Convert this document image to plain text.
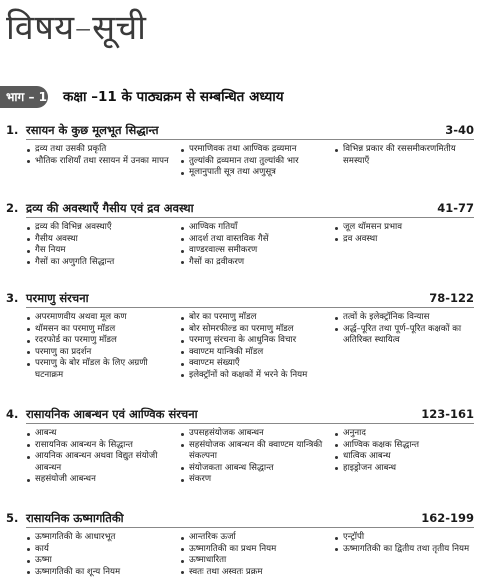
विषय–सूची
भाग – 1 कक्षा –11 के पाठ्यक्रम से सम्बन्धित अध्याय
1. रसायन के कुछ मूलभूत सिद्धान्त	3-40
द्रव्य तथा उसकी प्रकृति
भौतिक राशियाँ तथा रसायन में उनका मापन
परमाणिवक तथा आण्विक द्रव्यमान
तुल्यांकी द्रव्यमान तथा तुल्यांकी भार
मूलानुपाती सूत्र तथा अणुसूत्र
विभिन्न प्रकार की रससमीकरणमितीय समस्याएँ
2. द्रव्य की अवस्थाएँ गैसीय एवं द्रव अवस्था	41-77
द्रव्य की विभिन्न अवस्थाएँ
गैसीय अवस्था
गैस नियम
गैसों का अणुगति सिद्धान्त
आण्विक गतियाँ
आदर्श तथा वास्तविक गैसें
वाण्डरवाल्स समीकरण
गैसों का द्रवीकरण
जूल थॉमसन प्रभाव
द्रव अवस्था
3. परमाणु संरचना	78-122
अपरमाणवीय अथवा मूल कण
थॉमसन का परमाणु मॉडल
रदरफोर्ड का परमाणु मॉडल
परमाणु का प्रदर्शन
परमाणु के बोर मॉडल के लिए अग्रणी घटनाक्रम
बोर का परमाणु मॉडल
बोर सोमरफील्ड का परमाणु मॉडल
परमाणु संरचना के आधुनिक विचार
क्वाण्टम यान्त्रिकी मॉडल
क्वाण्टम संख्याएँ
इलेक्ट्रॉनों को कक्षकों में भरने के नियम
तत्वों के इलेक्ट्रॉनिक विन्यास
अर्द्ध–पूरित तथा पूर्ण–पूरित कक्षकों का अतिरिक्त स्थायित्व
4. रासायनिक आबन्धन एवं आण्विक संरचना	123-161
आबन्ध
रासायनिक आबन्धन के सिद्धान्त
आयनिक आबन्धन अथवा विद्युत संयोजी आबन्धन
सहसंयोजी आबन्धन
उपसहसंयोजक आबन्धन
सहसंयोजक आबन्धन की क्वाण्टम यान्त्रिकी संकल्पना
संयोजकता आबन्ध सिद्धान्त
संकरण
अनुनाद
आण्विक कक्षक सिद्धान्त
धात्विक आबन्ध
हाइड्रोजन आबन्ध
5. रासायनिक ऊष्मागतिकी	162-199
ऊष्मागतिकी के आधारभूत
कार्य
ऊष्मा
ऊष्मागतिकी का शून्य नियम
आन्तरिक ऊर्जा
ऊष्मागतिकी का प्रथम नियम
ऊष्माधारिता
स्वतः तथा अस्वतः प्रक्रम
एन्ट्रॉपी
ऊष्मागतिकी का द्वितीय तथा तृतीय नियम
